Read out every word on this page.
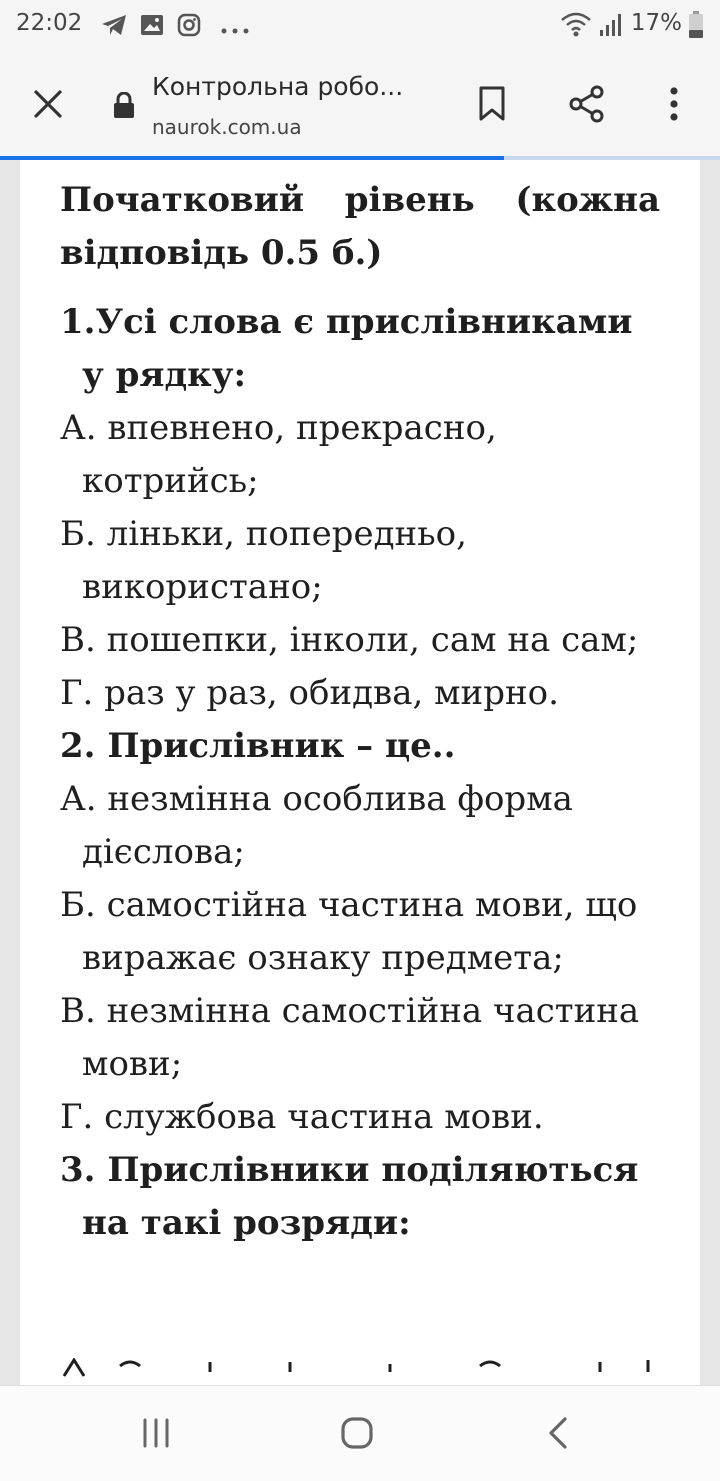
22:02	17%
Контрольна робо...
naurok.com.ua

Початковий рівень (кожна відповідь 0.5 б.)

1.Усі слова є прислівниками у рядку:

А. впевнено, прекрасно, котрийсь;

Б. ліньки, попередньо, використано;

В. пошепки, інколи, сам на сам;

Г. раз у раз, обидва, мирно.

2. Прислівник – це..

А. незмінна особлива форма дієслова;

Б. самостійна частина мови, що виражає ознаку предмета;

В. незмінна самостійна частина мови;

Г. службова частина мови.

3. Прислівники поділяються на такі розряди:
